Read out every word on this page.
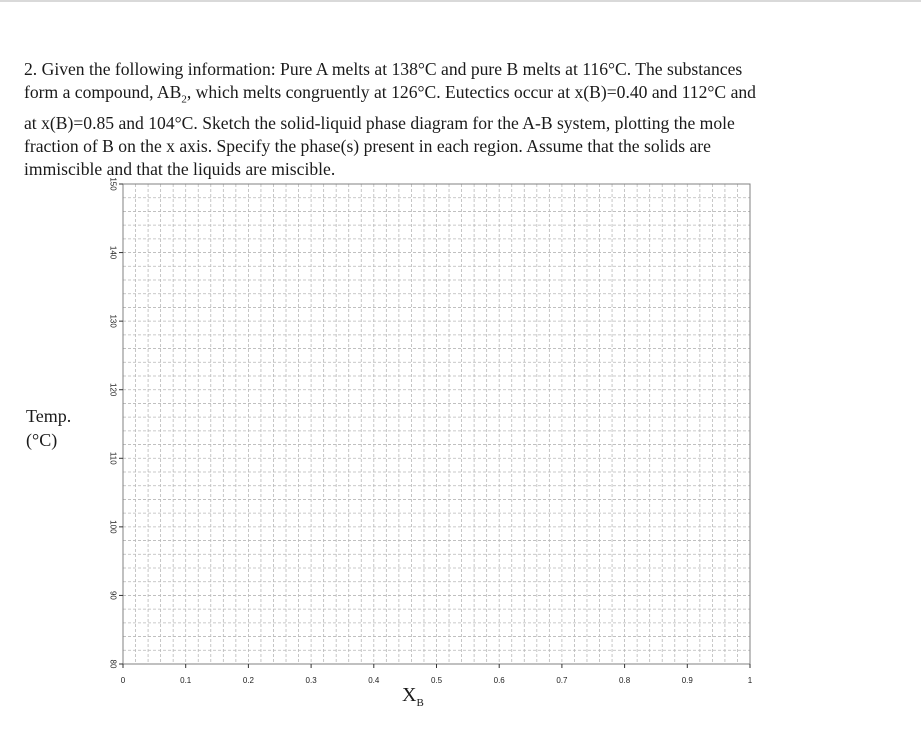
2. Given the following information: Pure A melts at 138°C and pure B melts at 116°C. The substances

form a compound, $AB_2$, which melts congruently at 126°C. Eutectics occur at x(B)=0.40 and 112°C and

at x(B)=0.85 and 104°C. Sketch the solid-liquid phase diagram for the A-B system, plotting the mole

fraction of B on the x axis. Specify the phase(s) present in each region. Assume that the solids are

immiscible and that the liquids are miscible.

Temp.
(°C)
$X_B$
0	0.1	0.2	0.3	0.4	0.5	0.6	0.7	0.8	0.9	1
80
90
100
110
120
130
140
150
